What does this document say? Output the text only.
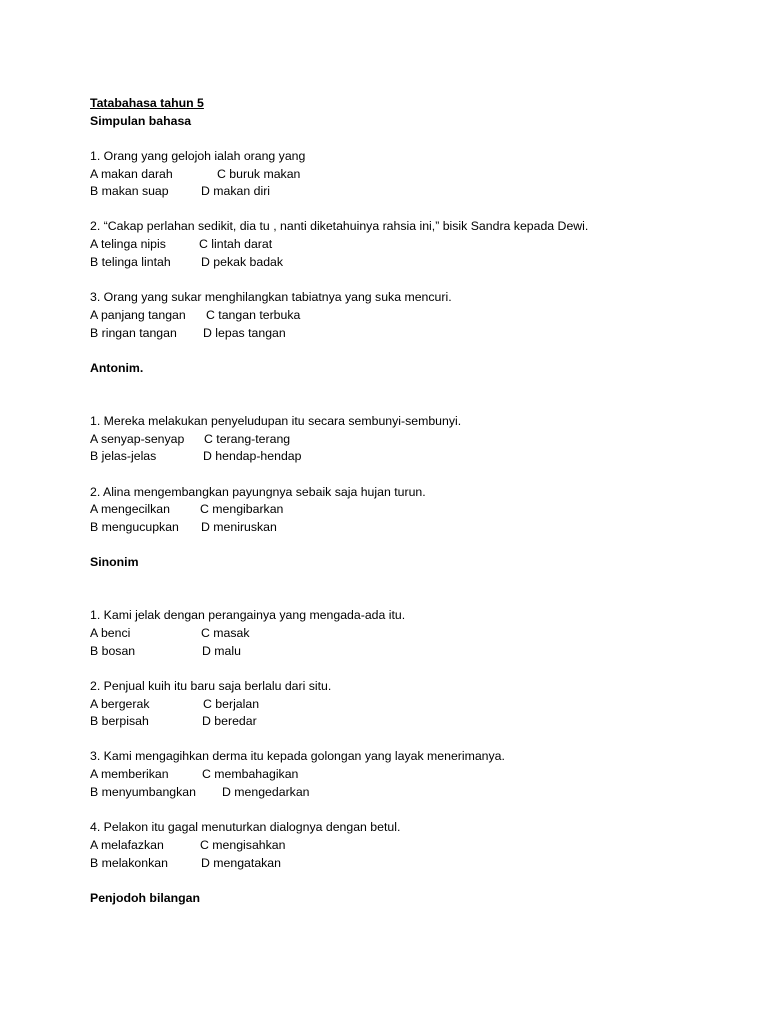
Tatabahasa tahun 5
Simpulan bahasa
1. Orang yang gelojoh ialah orang yang
A makan darah	C buruk makan
B makan suap	D makan diri
2. “Cakap perlahan sedikit, dia tu , nanti diketahuinya rahsia ini,” bisik Sandra kepada Dewi.
A telinga nipis	C lintah darat
B telinga lintah D pekak badak
3. Orang yang sukar menghilangkan tabiatnya yang suka mencuri.
A panjang tangan C tangan terbuka
B ringan tangan D lepas tangan
Antonim.
1. Mereka melakukan penyeludupan itu secara sembunyi-sembunyi.
A senyap-senyap C terang-terang
B jelas-jelas	D hendap-hendap
2. Alina mengembangkan payungnya sebaik saja hujan turun.
A mengecilkan C mengibarkan
B mengucupkan D meniruskan
Sinonim
1. Kami jelak dengan perangainya yang mengada-ada itu.
A benci	C masak
B bosan	D malu
2. Penjual kuih itu baru saja berlalu dari situ.
A bergerak	C berjalan
B berpisah	D beredar
3. Kami mengagihkan derma itu kepada golongan yang layak menerimanya.
A memberikan	C membahagikan
B menyumbangkan D mengedarkan
4. Pelakon itu gagal menuturkan dialognya dengan betul.
A melafazkan	C mengisahkan
B melakonkan	D mengatakan
Penjodoh bilangan
